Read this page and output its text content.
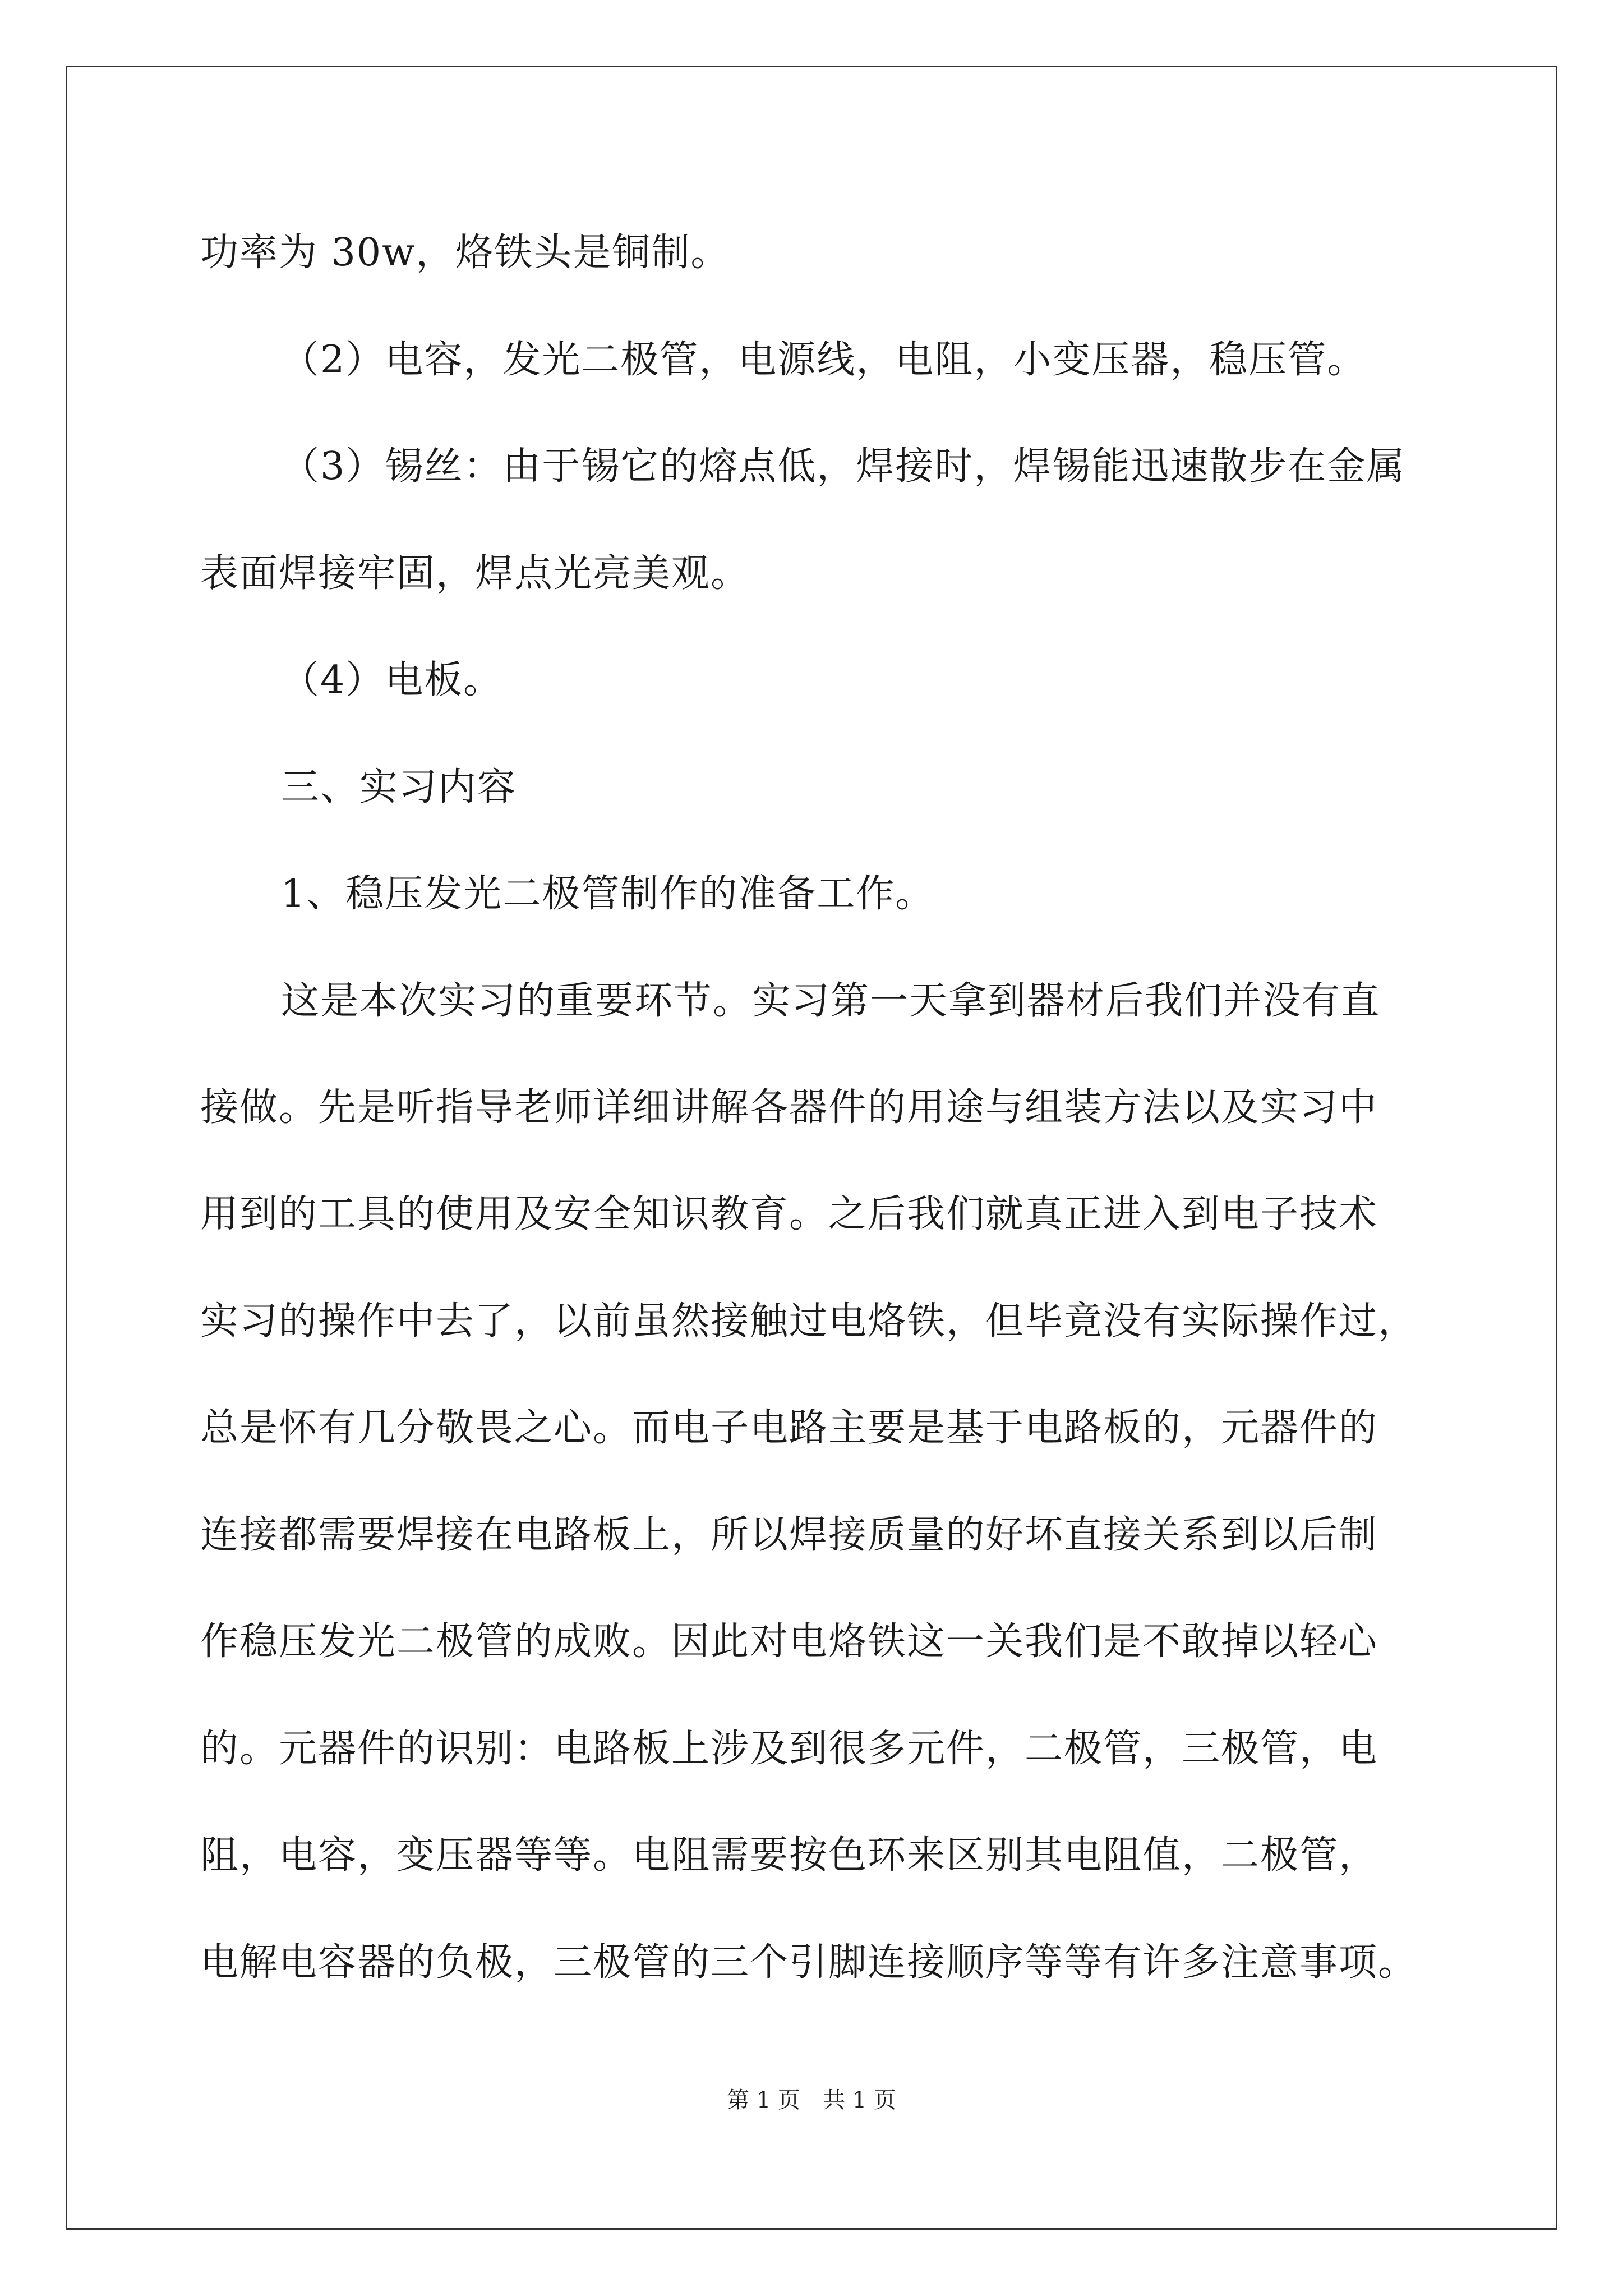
功率为 30w，烙铁头是铜制。
（2）电容，发光二极管，电源线，电阻，小变压器，稳压管。
（3）锡丝：由于锡它的熔点低，焊接时，焊锡能迅速散步在金属
表面焊接牢固，焊点光亮美观。
（4）电板。
三、实习内容
1、稳压发光二极管制作的准备工作。
这是本次实习的重要环节。实习第一天拿到器材后我们并没有直
接做。先是听指导老师详细讲解各器件的用途与组装方法以及实习中
用到的工具的使用及安全知识教育。之后我们就真正进入到电子技术
实习的操作中去了，以前虽然接触过电烙铁，但毕竟没有实际操作过，
总是怀有几分敬畏之心。而电子电路主要是基于电路板的，元器件的
连接都需要焊接在电路板上，所以焊接质量的好坏直接关系到以后制
作稳压发光二极管的成败。因此对电烙铁这一关我们是不敢掉以轻心
的。元器件的识别：电路板上涉及到很多元件，二极管，三极管，电
阻，电容，变压器等等。电阻需要按色环来区别其电阻值，二极管，
电解电容器的负极，三极管的三个引脚连接顺序等等有许多注意事项。
第 1 页　共 1 页
